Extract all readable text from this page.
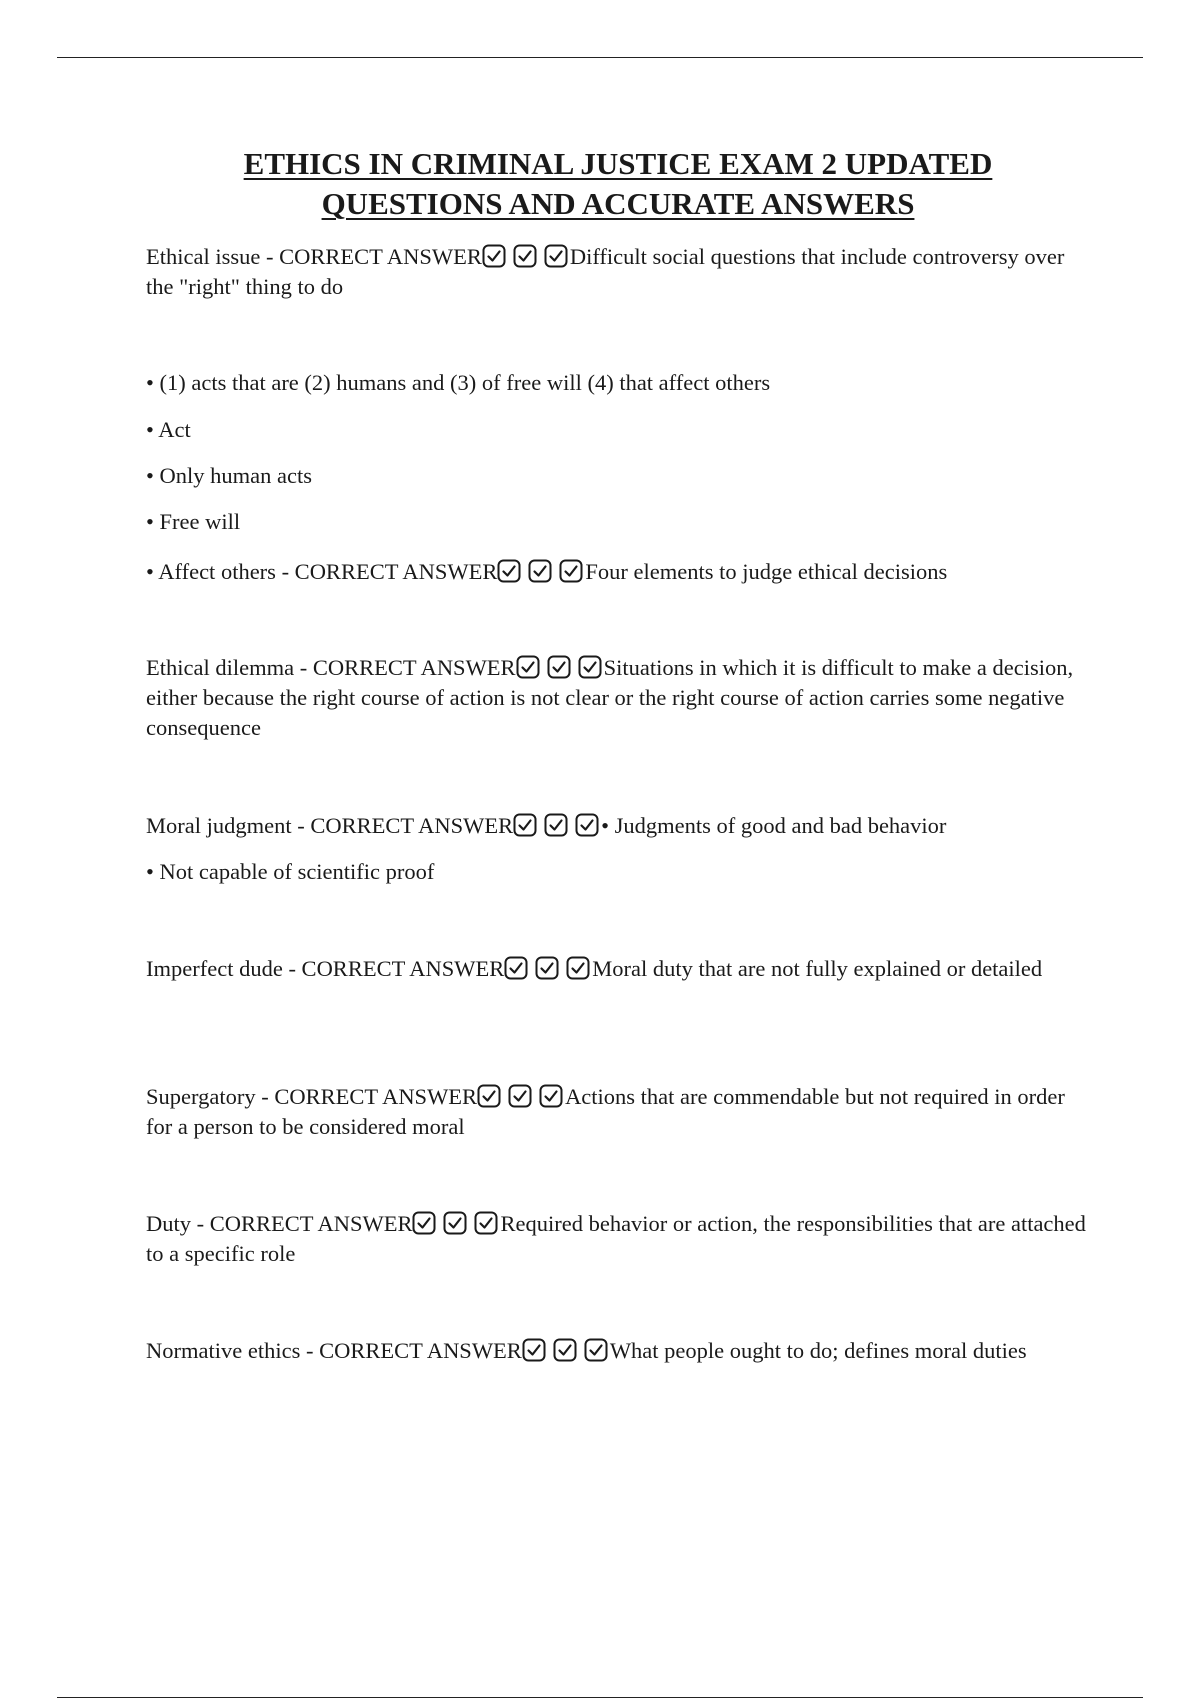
ETHICS IN CRIMINAL JUSTICE EXAM 2 UPDATED
QUESTIONS AND ACCURATE ANSWERS

Ethical issue - CORRECT ANSWER	Difficult social questions that include controversy over the "right" thing to do

• (1) acts that are (2) humans and (3) of free will (4) that affect others

• Act

• Only human acts

• Free will

• Affect others - CORRECT ANSWER	Four elements to judge ethical decisions

Ethical dilemma - CORRECT ANSWER	Situations in which it is difficult to make a decision, either because the right course of action is not clear or the right course of action carries some negative consequence

Moral judgment - CORRECT ANSWER	• Judgments of good and bad behavior

• Not capable of scientific proof

Imperfect dude - CORRECT ANSWER	Moral duty that are not fully explained or detailed

Supergatory - CORRECT ANSWER	Actions that are commendable but not required in order for a person to be considered moral

Duty - CORRECT ANSWER	Required behavior or action, the responsibilities that are attached to a specific role

Normative ethics - CORRECT ANSWER	What people ought to do; defines moral duties
